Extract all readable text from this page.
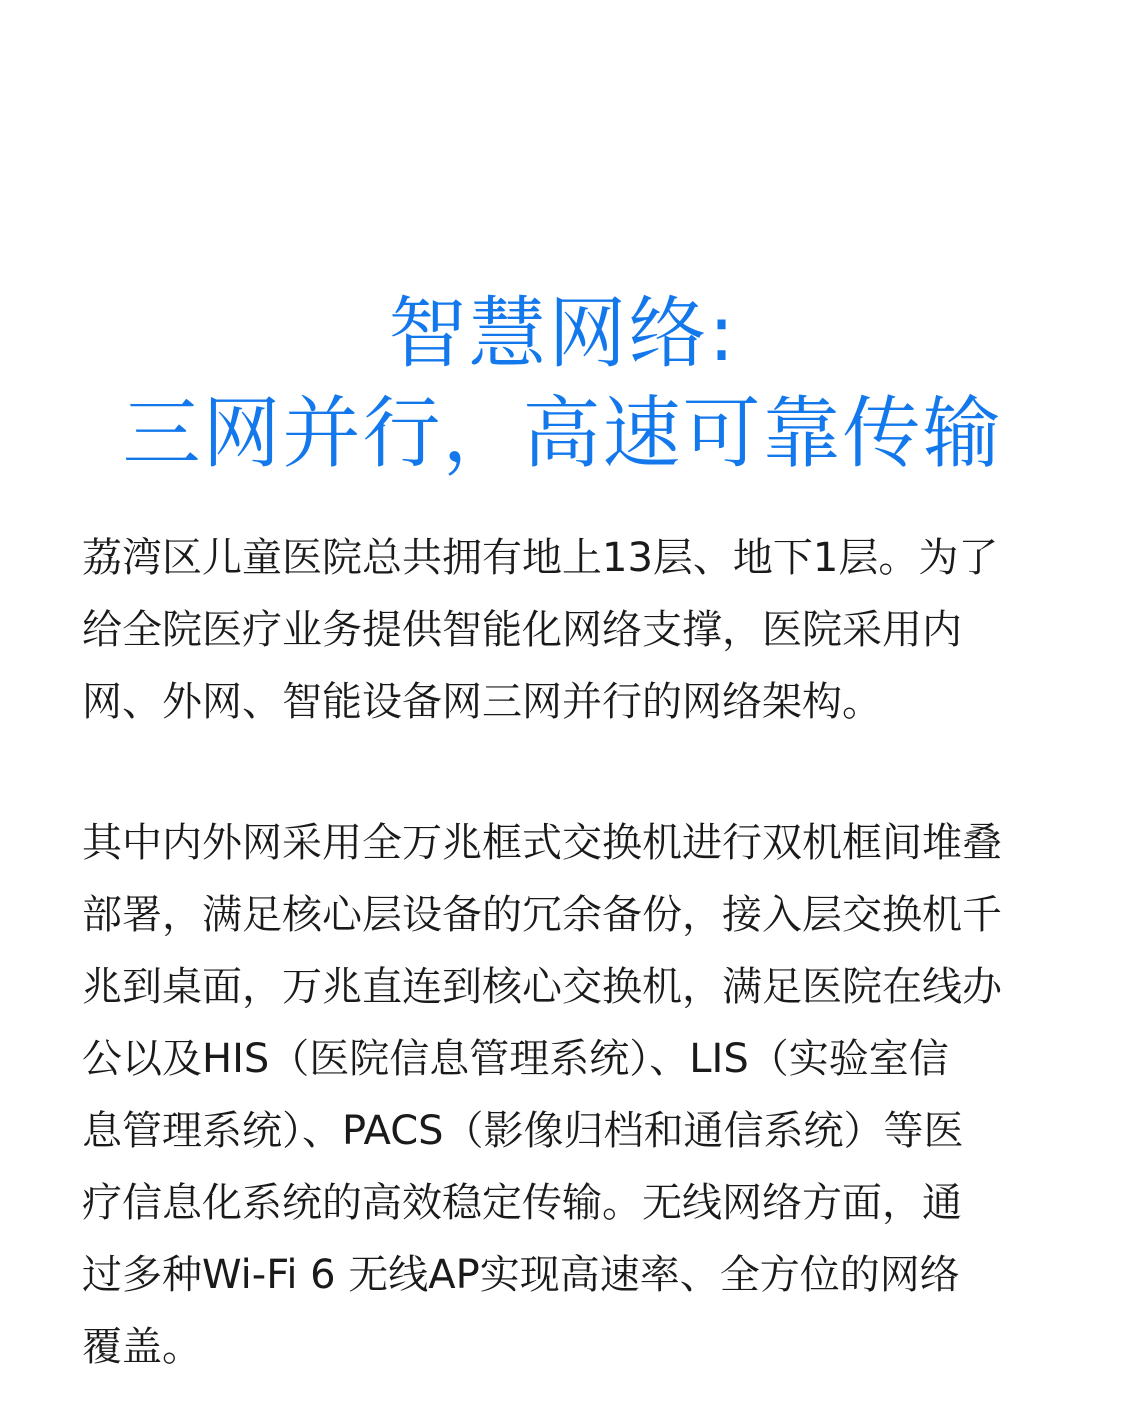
智慧网络:
三网并行，高速可靠传输
荔湾区儿童医院总共拥有地上13层、地下1层。为了
给全院医疗业务提供智能化网络支撑，医院采用内
网、外网、智能设备网三网并行的网络架构。
其中内外网采用全万兆框式交换机进行双机框间堆叠
部署，满足核心层设备的冗余备份，接入层交换机千
兆到桌面，万兆直连到核心交换机，满足医院在线办
公以及HIS（医院信息管理系统）、LIS（实验室信
息管理系统）、PACS（影像归档和通信系统）等医
疗信息化系统的高效稳定传输。无线网络方面，通
过多种Wi-Fi 6 无线AP实现高速率、全方位的网络
覆盖。
